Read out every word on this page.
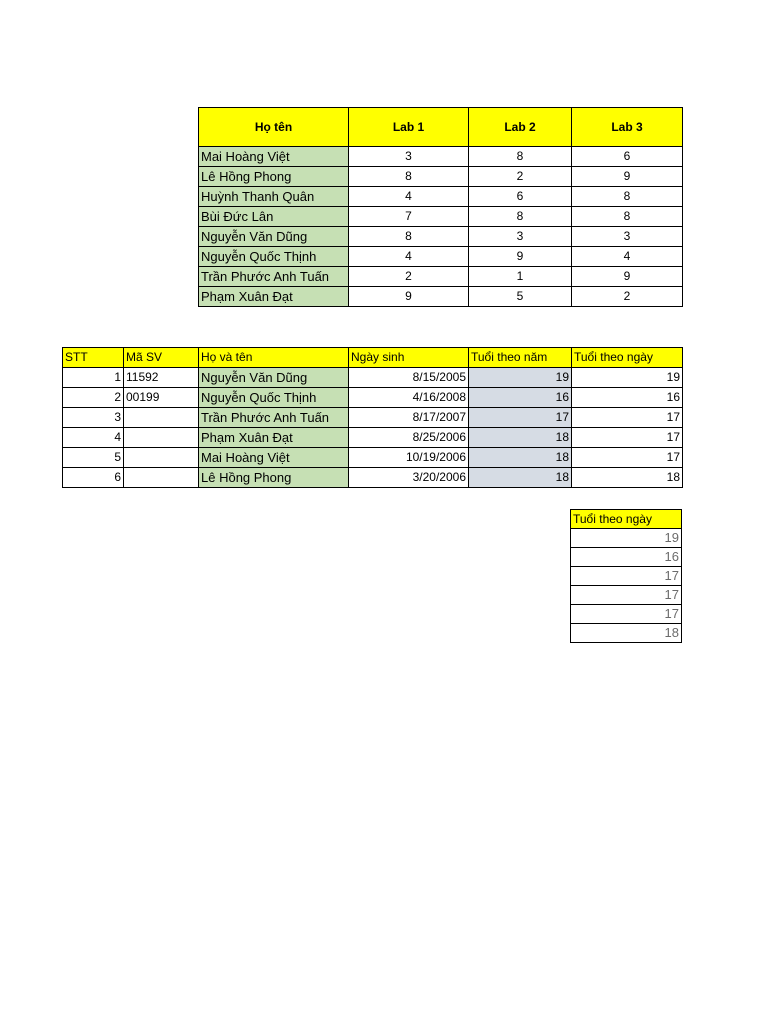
Họ tên	Lab 1	Lab 2	Lab 3
Mai Hoàng Việt	3	8	6
Lê Hồng Phong	8	2	9
Huỳnh Thanh Quân	4	6	8
Bùi Đức Lân	7	8	8
Nguyễn Văn Dũng	8	3	3
Nguyễn Quốc Thịnh	4	9	4
Trần Phước Anh Tuấn	2	1	9
Phạm Xuân Đạt	9	5	2
STT	Mã SV	Họ và tên	Ngày sinh	Tuổi theo năm	Tuổi theo ngày
1	11592	Nguyễn Văn Dũng	8/15/2005	19	19
2	00199	Nguyễn Quốc Thịnh	4/16/2008	16	16
3		Trần Phước Anh Tuấn	8/17/2007	17	17
4		Phạm Xuân Đạt	8/25/2006	18	17
5		Mai Hoàng Việt	10/19/2006	18	17
6		Lê Hồng Phong	3/20/2006	18	18
Tuổi theo ngày
19
16
17
17
17
18
